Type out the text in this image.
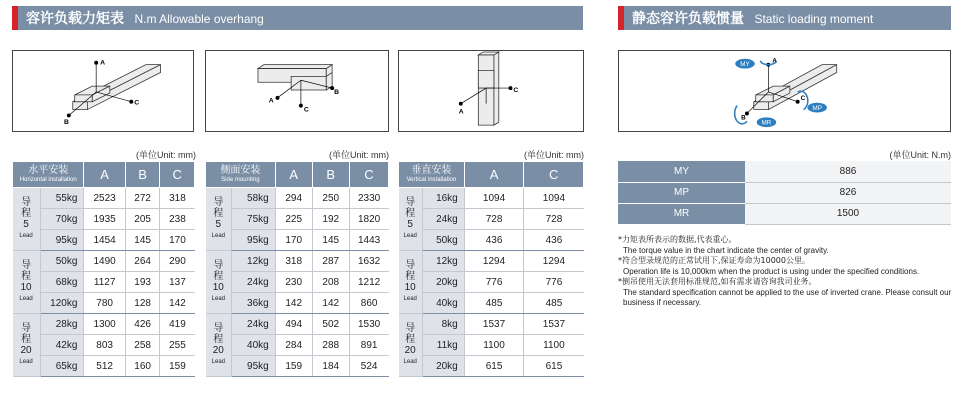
容许负载力矩表 N.m Allowable overhang	静态容许负载惯量 Static loading moment
A
C
B
C
B
A
C
A
MY
MP
MR
A
C
B
(单位Unit: mm)	(单位Unit: mm)	(单位Unit: mm)	(单位Unit: N.m)
水平安装
Horizontal installation		A	B	C

导程
5
Lead	55kg	2523	272	318
	70kg	1935	205	238
	95kg	1454	145	170

导程
10
Lead	50kg	1490	264	290
	68kg	1127	193	137
	120kg	780	128	142

导程
20
Lead	28kg	1300	426	419
	42kg	803	258	255
	65kg	512	160	159
侧面安装
Side mounting		A	B	C

导程
5
Lead	58kg	294	250	2330
	75kg	225	192	1820
	95kg	170	145	1443

导程
10
Lead	12kg	318	287	1632
	24kg	230	208	1212
	36kg	142	142	860

导程
20
Lead	24kg	494	502	1530
	40kg	284	288	891
	95kg	159	184	524
垂直安装
Vertical installation		A	C

导程
5
Lead	16kg	1094	1094
	24kg	728	728
	50kg	436	436

导程
10
Lead	12kg	1294	1294
	20kg	776	776
	40kg	485	485

导程
20
Lead	8kg	1537	1537
	11kg	1100	1100
	20kg	615	615
MY	886
MP	826
MR	1500
*力矩表所表示的数据,代表重心。
The torque value in the chart indicate the center of gravity.
*符合型录规范的正常试用下,保证寿命为10000公里。
Operation life is 10,000km when the product is using under the specified conditions.
*倒吊使用无法套用标准规范,如有需求请咨询我司业务。
The standard specification cannot be applied to the use of inverted crane. Please consult our business if necessary.
